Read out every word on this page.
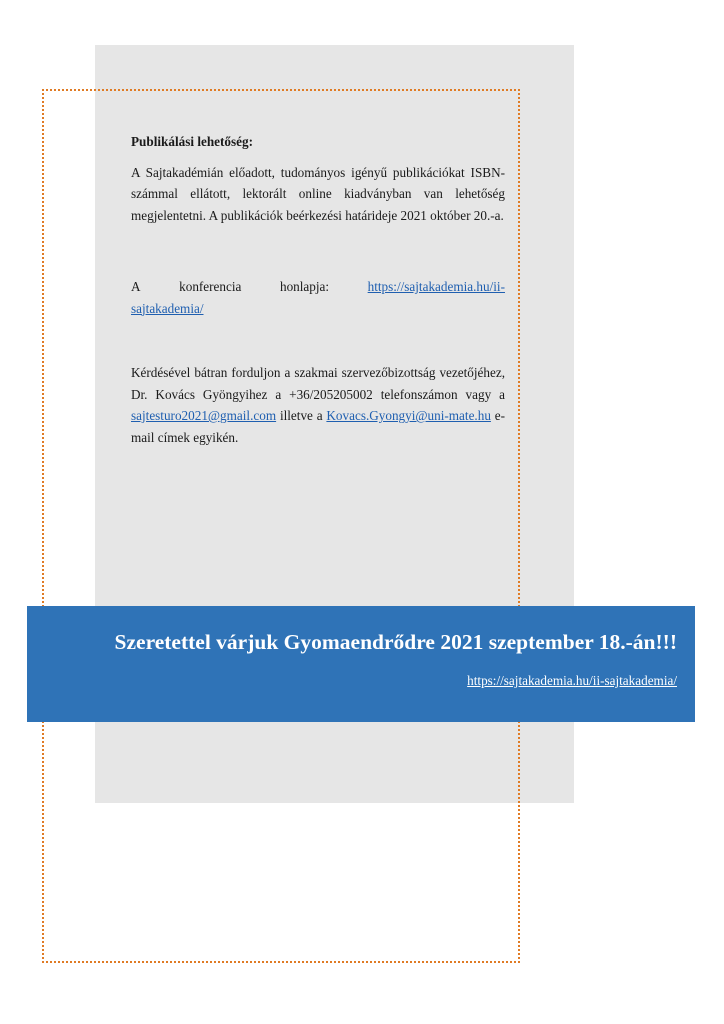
Publikálási lehetőség:

A Sajtakadémián előadott, tudományos igényű publikációkat ISBN-számmal ellátott, lektorált online kiadványban van lehetőség megjelentetni. A publikációk beérkezési határideje 2021 október 20.-a.

A	konferencia	honlapja:	https://sajtakademia.hu/ii-
sajtakademia/

Kérdésével bátran forduljon a szakmai szervezőbizottság vezetőjéhez, Dr. Kovács Gyöngyihez a +36/205205002 telefonszámon vagy a sajtesturo2021@gmail.com illetve a Kovacs.Gyongyi@uni-mate.hu e-mail címek egyikén.

Szeretettel várjuk Gyomaendrődre 2021 szeptember 18.-án!!!
https://sajtakademia.hu/ii-sajtakademia/
